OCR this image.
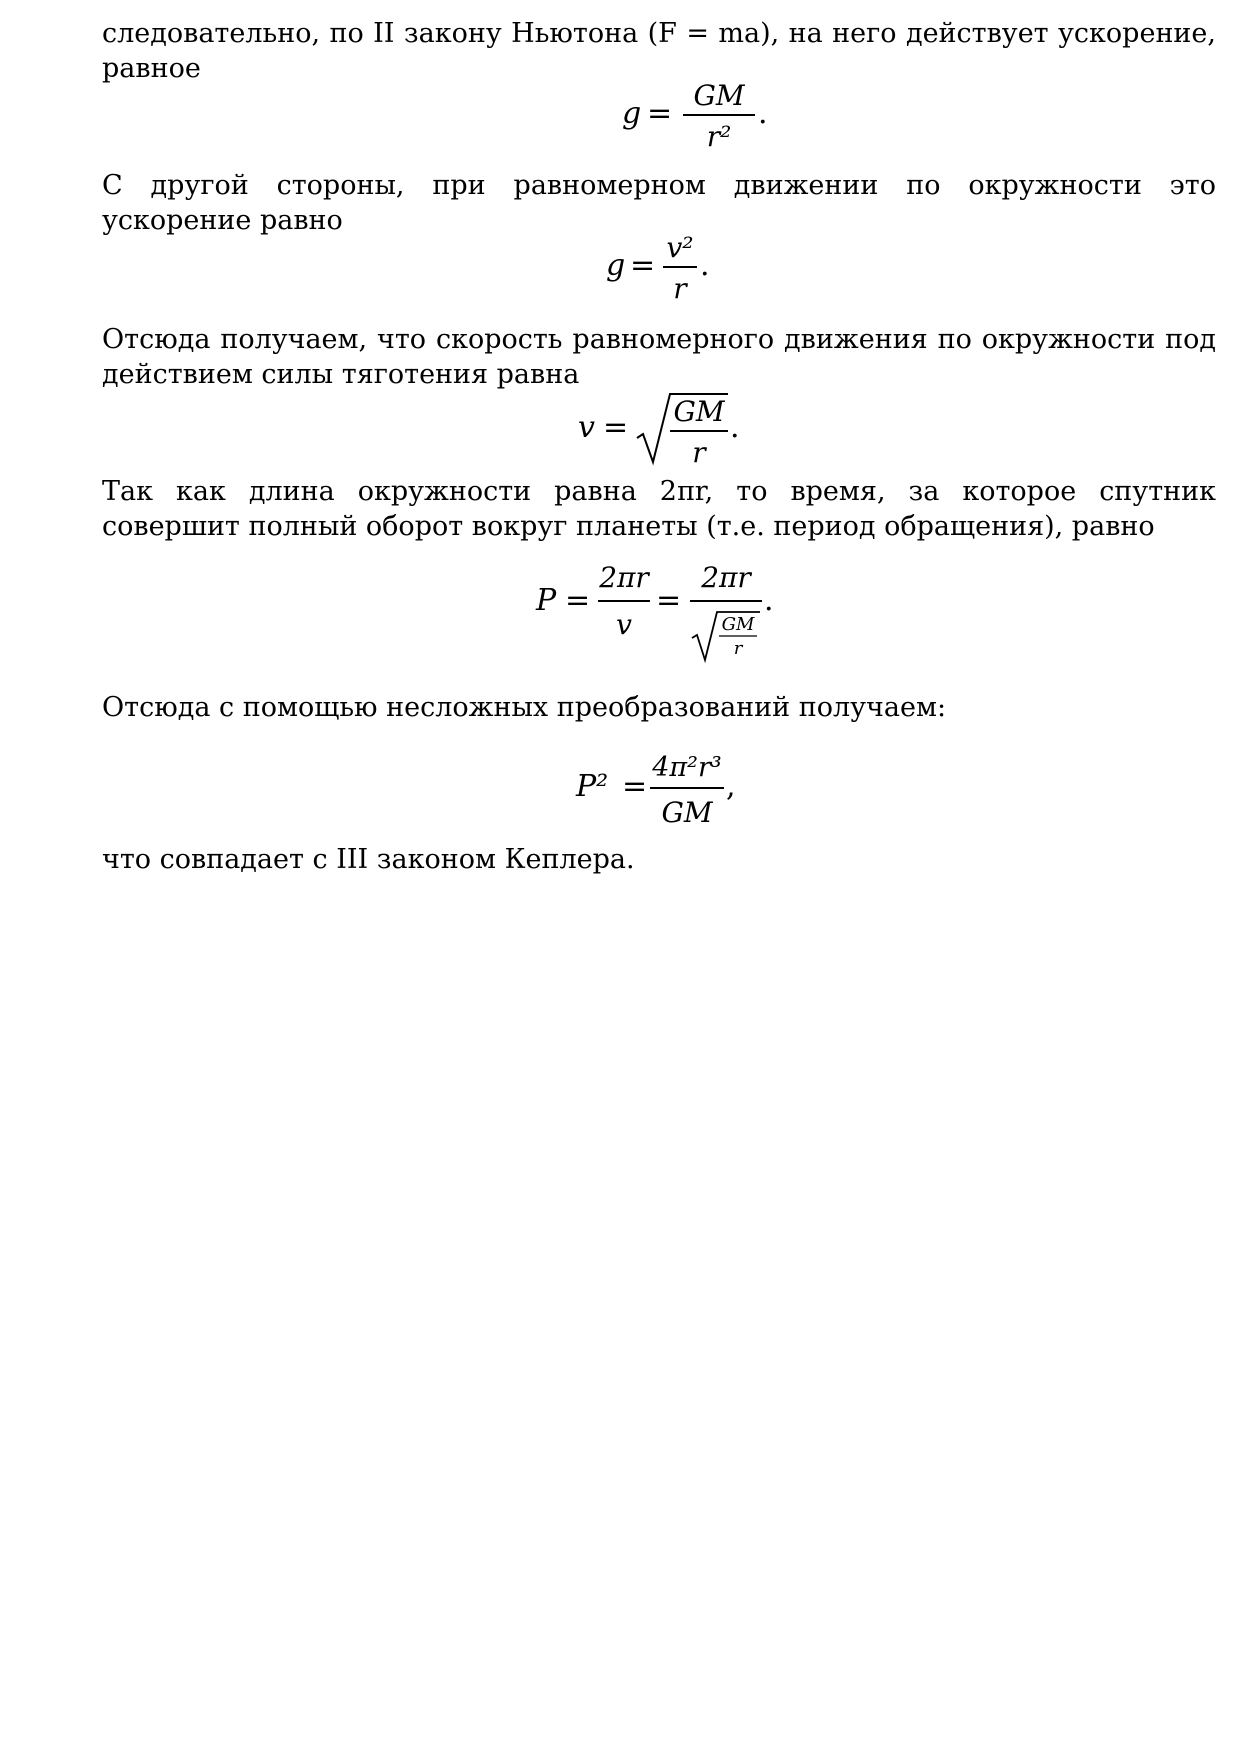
следовательно, по II закону Ньютона (F = ma), на него действует ускорение, равное
g =
GM
r²
.
С другой стороны, при равномерном движении по окружности это ускорение равно
g =
v²
r
.
Отсюда получаем, что скорость равномерного движения по окружности под действием силы тяготения равна
v = GM
r
.
Так как длина окружности равна 2πr, то время, за которое спутник совершит полный оборот вокруг планеты (т.е. период обращения), равно
P =
2πr
v
=
2πr
GM
r
.
Отсюда с помощью несложных преобразований получаем:
P² =
4π²r³
GM
,
что совпадает с III законом Кеплера.
